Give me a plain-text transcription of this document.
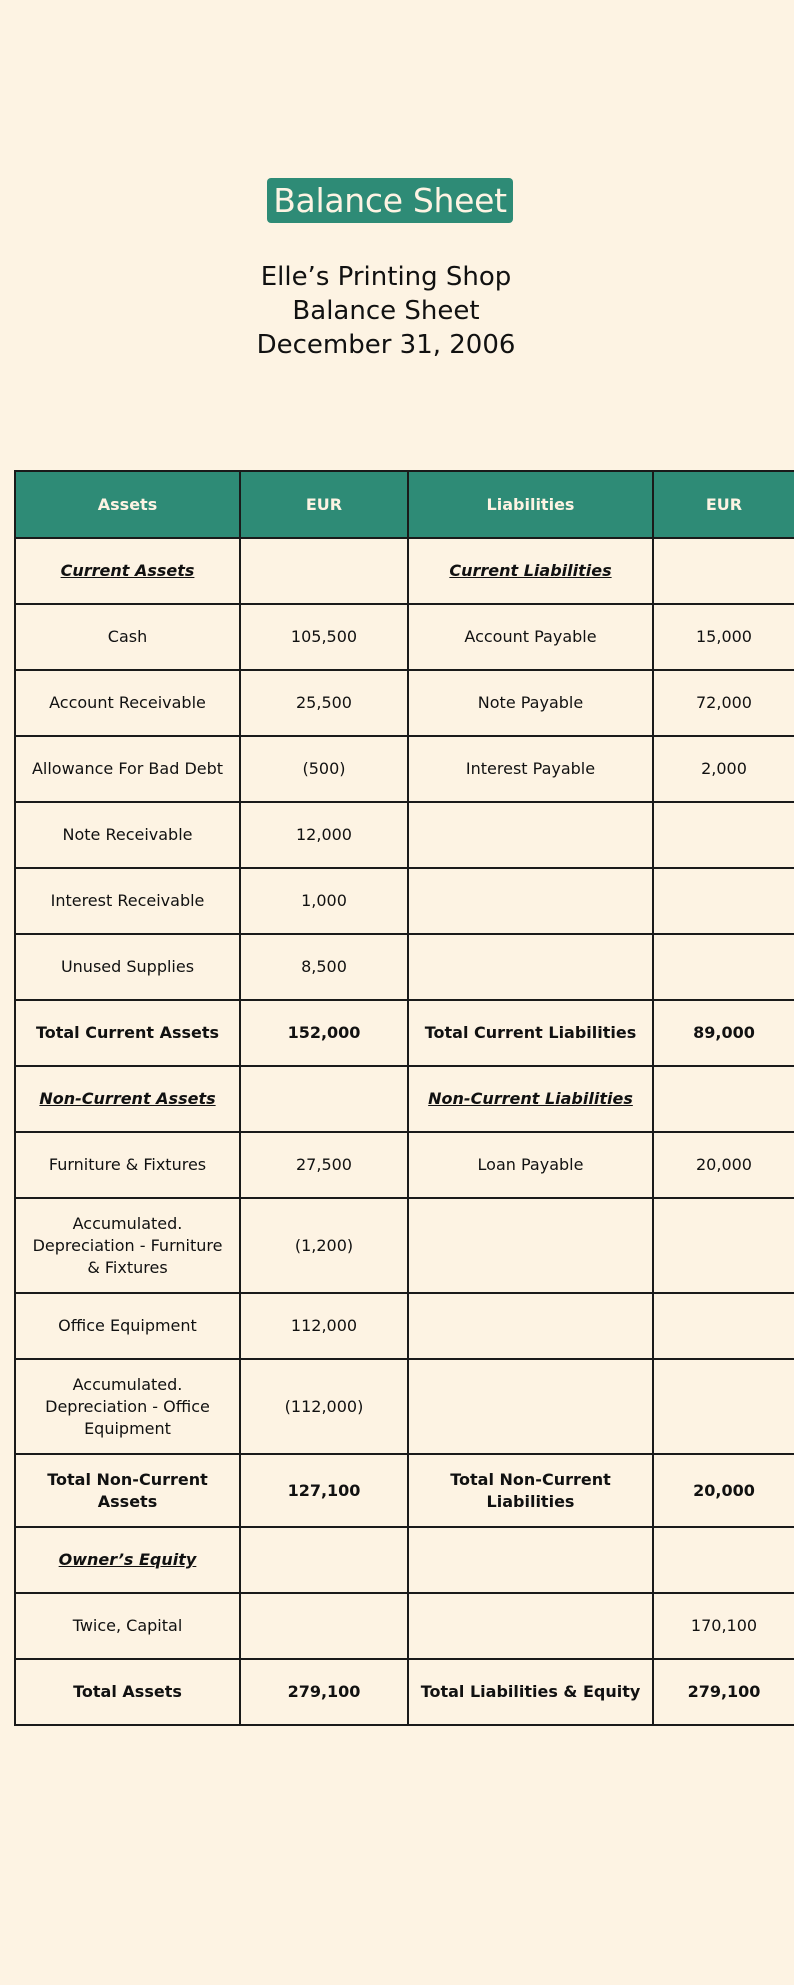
Balance Sheet
Elle’s Printing Shop
Balance Sheet
December 31, 2006
Assets	EUR	Liabilities	EUR
Current Assets		Current Liabilities	
Cash	105,500	Account Payable	15,000
Account Receivable	25,500	Note Payable	72,000
Allowance For Bad Debt	(500)	Interest Payable	2,000
Note Receivable	12,000		
Interest Receivable	1,000		
Unused Supplies	8,500		
Total Current Assets	152,000	Total Current Liabilities	89,000
Non-Current Assets		Non-Current Liabilities	
Furniture & Fixtures	27,500	Loan Payable	20,000
Accumulated. Depreciation - Furniture & Fixtures	(1,200)		
Office Equipment	112,000		
Accumulated. Depreciation - Office Equipment	(112,000)		
Total Non-Current Assets	127,100	Total Non-Current Liabilities	20,000
Owner’s Equity			
Twice, Capital			170,100
Total Assets	279,100	Total Liabilities & Equity	279,100
